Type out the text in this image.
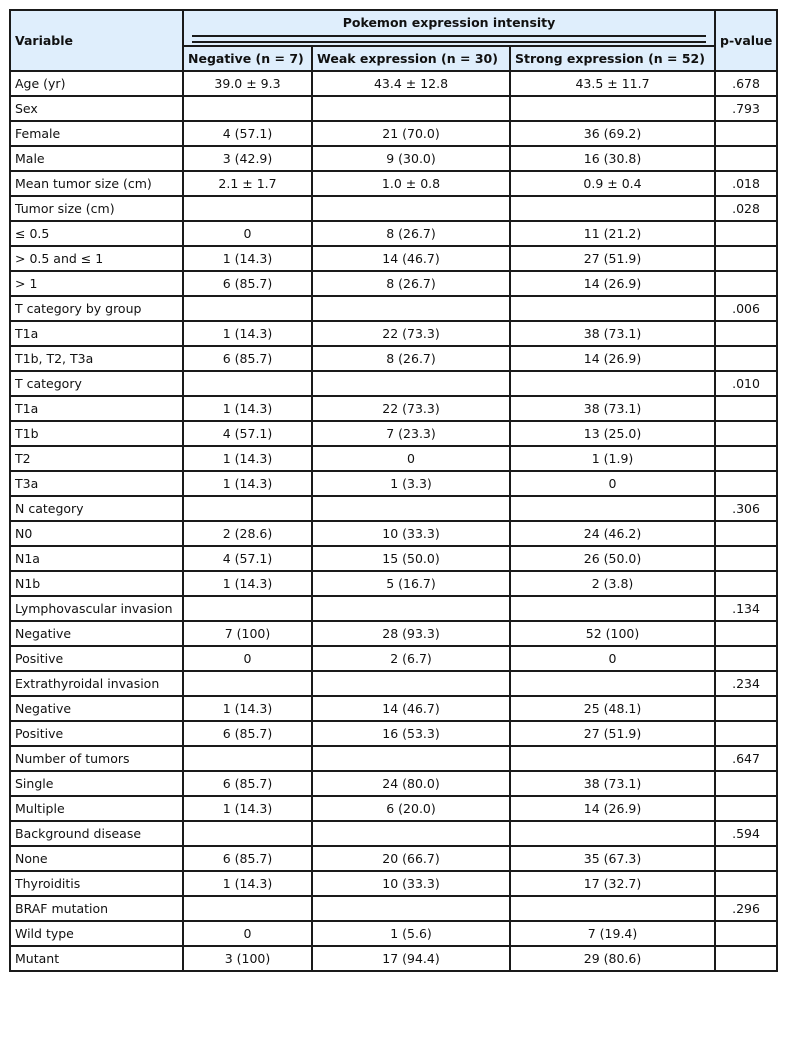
Variable	Pokemon expression intensity			p-value
	Negative (n = 7)	Weak expression (n = 30)	Strong expression (n = 52)	
Age (yr)	39.0 ± 9.3	43.4 ± 12.8	43.5 ± 11.7	.678
Sex				.793
Female	4 (57.1)	21 (70.0)	36 (69.2)	
Male	3 (42.9)	9 (30.0)	16 (30.8)	
Mean tumor size (cm)	2.1 ± 1.7	1.0 ± 0.8	0.9 ± 0.4	.018
Tumor size (cm)				.028
≤ 0.5	0	8 (26.7)	11 (21.2)	
> 0.5 and ≤ 1	1 (14.3)	14 (46.7)	27 (51.9)	
> 1	6 (85.7)	8 (26.7)	14 (26.9)	
T category by group				.006
T1a	1 (14.3)	22 (73.3)	38 (73.1)	
T1b, T2, T3a	6 (85.7)	8 (26.7)	14 (26.9)	
T category				.010
T1a	1 (14.3)	22 (73.3)	38 (73.1)	
T1b	4 (57.1)	7 (23.3)	13 (25.0)	
T2	1 (14.3)	0	1 (1.9)	
T3a	1 (14.3)	1 (3.3)	0	
N category				.306
N0	2 (28.6)	10 (33.3)	24 (46.2)	
N1a	4 (57.1)	15 (50.0)	26 (50.0)	
N1b	1 (14.3)	5 (16.7)	2 (3.8)	
Lymphovascular invasion				.134
Negative	7 (100)	28 (93.3)	52 (100)	
Positive	0	2 (6.7)	0	
Extrathyroidal invasion				.234
Negative	1 (14.3)	14 (46.7)	25 (48.1)	
Positive	6 (85.7)	16 (53.3)	27 (51.9)	
Number of tumors				.647
Single	6 (85.7)	24 (80.0)	38 (73.1)	
Multiple	1 (14.3)	6 (20.0)	14 (26.9)	
Background disease				.594
None	6 (85.7)	20 (66.7)	35 (67.3)	
Thyroiditis	1 (14.3)	10 (33.3)	17 (32.7)	
BRAF mutation				.296
Wild type	0	1 (5.6)	7 (19.4)	
Mutant	3 (100)	17 (94.4)	29 (80.6)	
